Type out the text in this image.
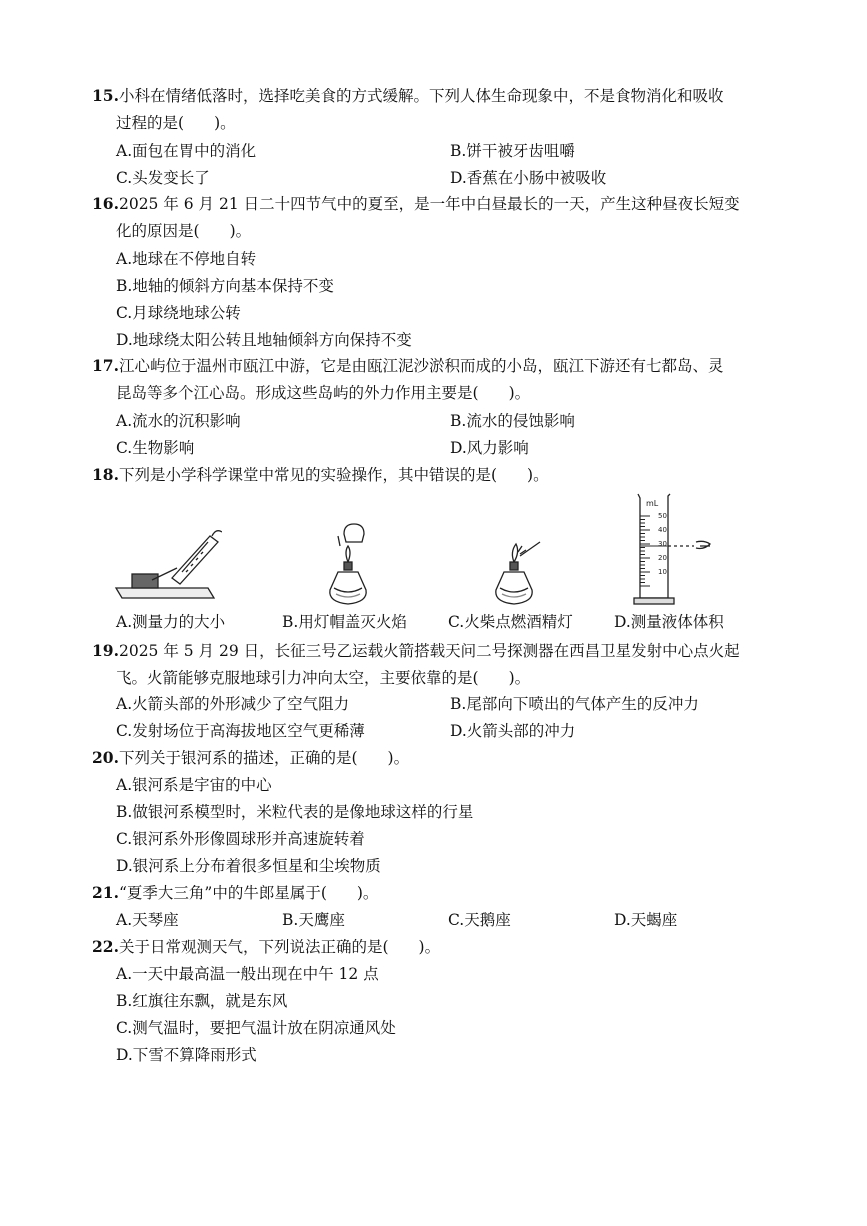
15.小科在情绪低落时，选择吃美食的方式缓解。下列人体生命现象中，不是食物消化和吸收

过程的是( )。

A.面包在胃中的消化	B.饼干被牙齿咀嚼
C.头发变长了	D.香蕉在小肠中被吸收

16.2025 年 6 月 21 日二十四节气中的夏至，是一年中白昼最长的一天，产生这种昼夜长短变

化的原因是( )。

A.地球在不停地自转
B.地轴的倾斜方向基本保持不变
C.月球绕地球公转
D.地球绕太阳公转且地轴倾斜方向保持不变

17.江心屿位于温州市瓯江中游，它是由瓯江泥沙淤积而成的小岛，瓯江下游还有七都岛、灵

昆岛等多个江心岛。形成这些岛屿的外力作用主要是( )。

A.流水的沉积影响	B.流水的侵蚀影响
C.生物影响	D.风力影响

18.下列是小学科学课堂中常见的实验操作，其中错误的是( )。

mL
50
40
30
20
10
A.测量力的大小	B.用灯帽盖灭火焰	C.火柴点燃酒精灯	D.测量液体体积

19.2025 年 5 月 29 日，长征三号乙运载火箭搭载天问二号探测器在西昌卫星发射中心点火起

飞。火箭能够克服地球引力冲向太空，主要依靠的是( )。

A.火箭头部的外形减少了空气阻力	B.尾部向下喷出的气体产生的反冲力
C.发射场位于高海拔地区空气更稀薄	D.火箭头部的冲力

20.下列关于银河系的描述，正确的是( )。

A.银河系是宇宙的中心
B.做银河系模型时，米粒代表的是像地球这样的行星
C.银河系外形像圆球形并高速旋转着
D.银河系上分布着很多恒星和尘埃物质

21.“夏季大三角”中的牛郎星属于( )。

A.天琴座	B.天鹰座	C.天鹅座	D.天蝎座

22.关于日常观测天气，下列说法正确的是( )。

A.一天中最高温一般出现在中午 12 点
B.红旗往东飘，就是东风
C.测气温时，要把气温计放在阴凉通风处
D.下雪不算降雨形式
